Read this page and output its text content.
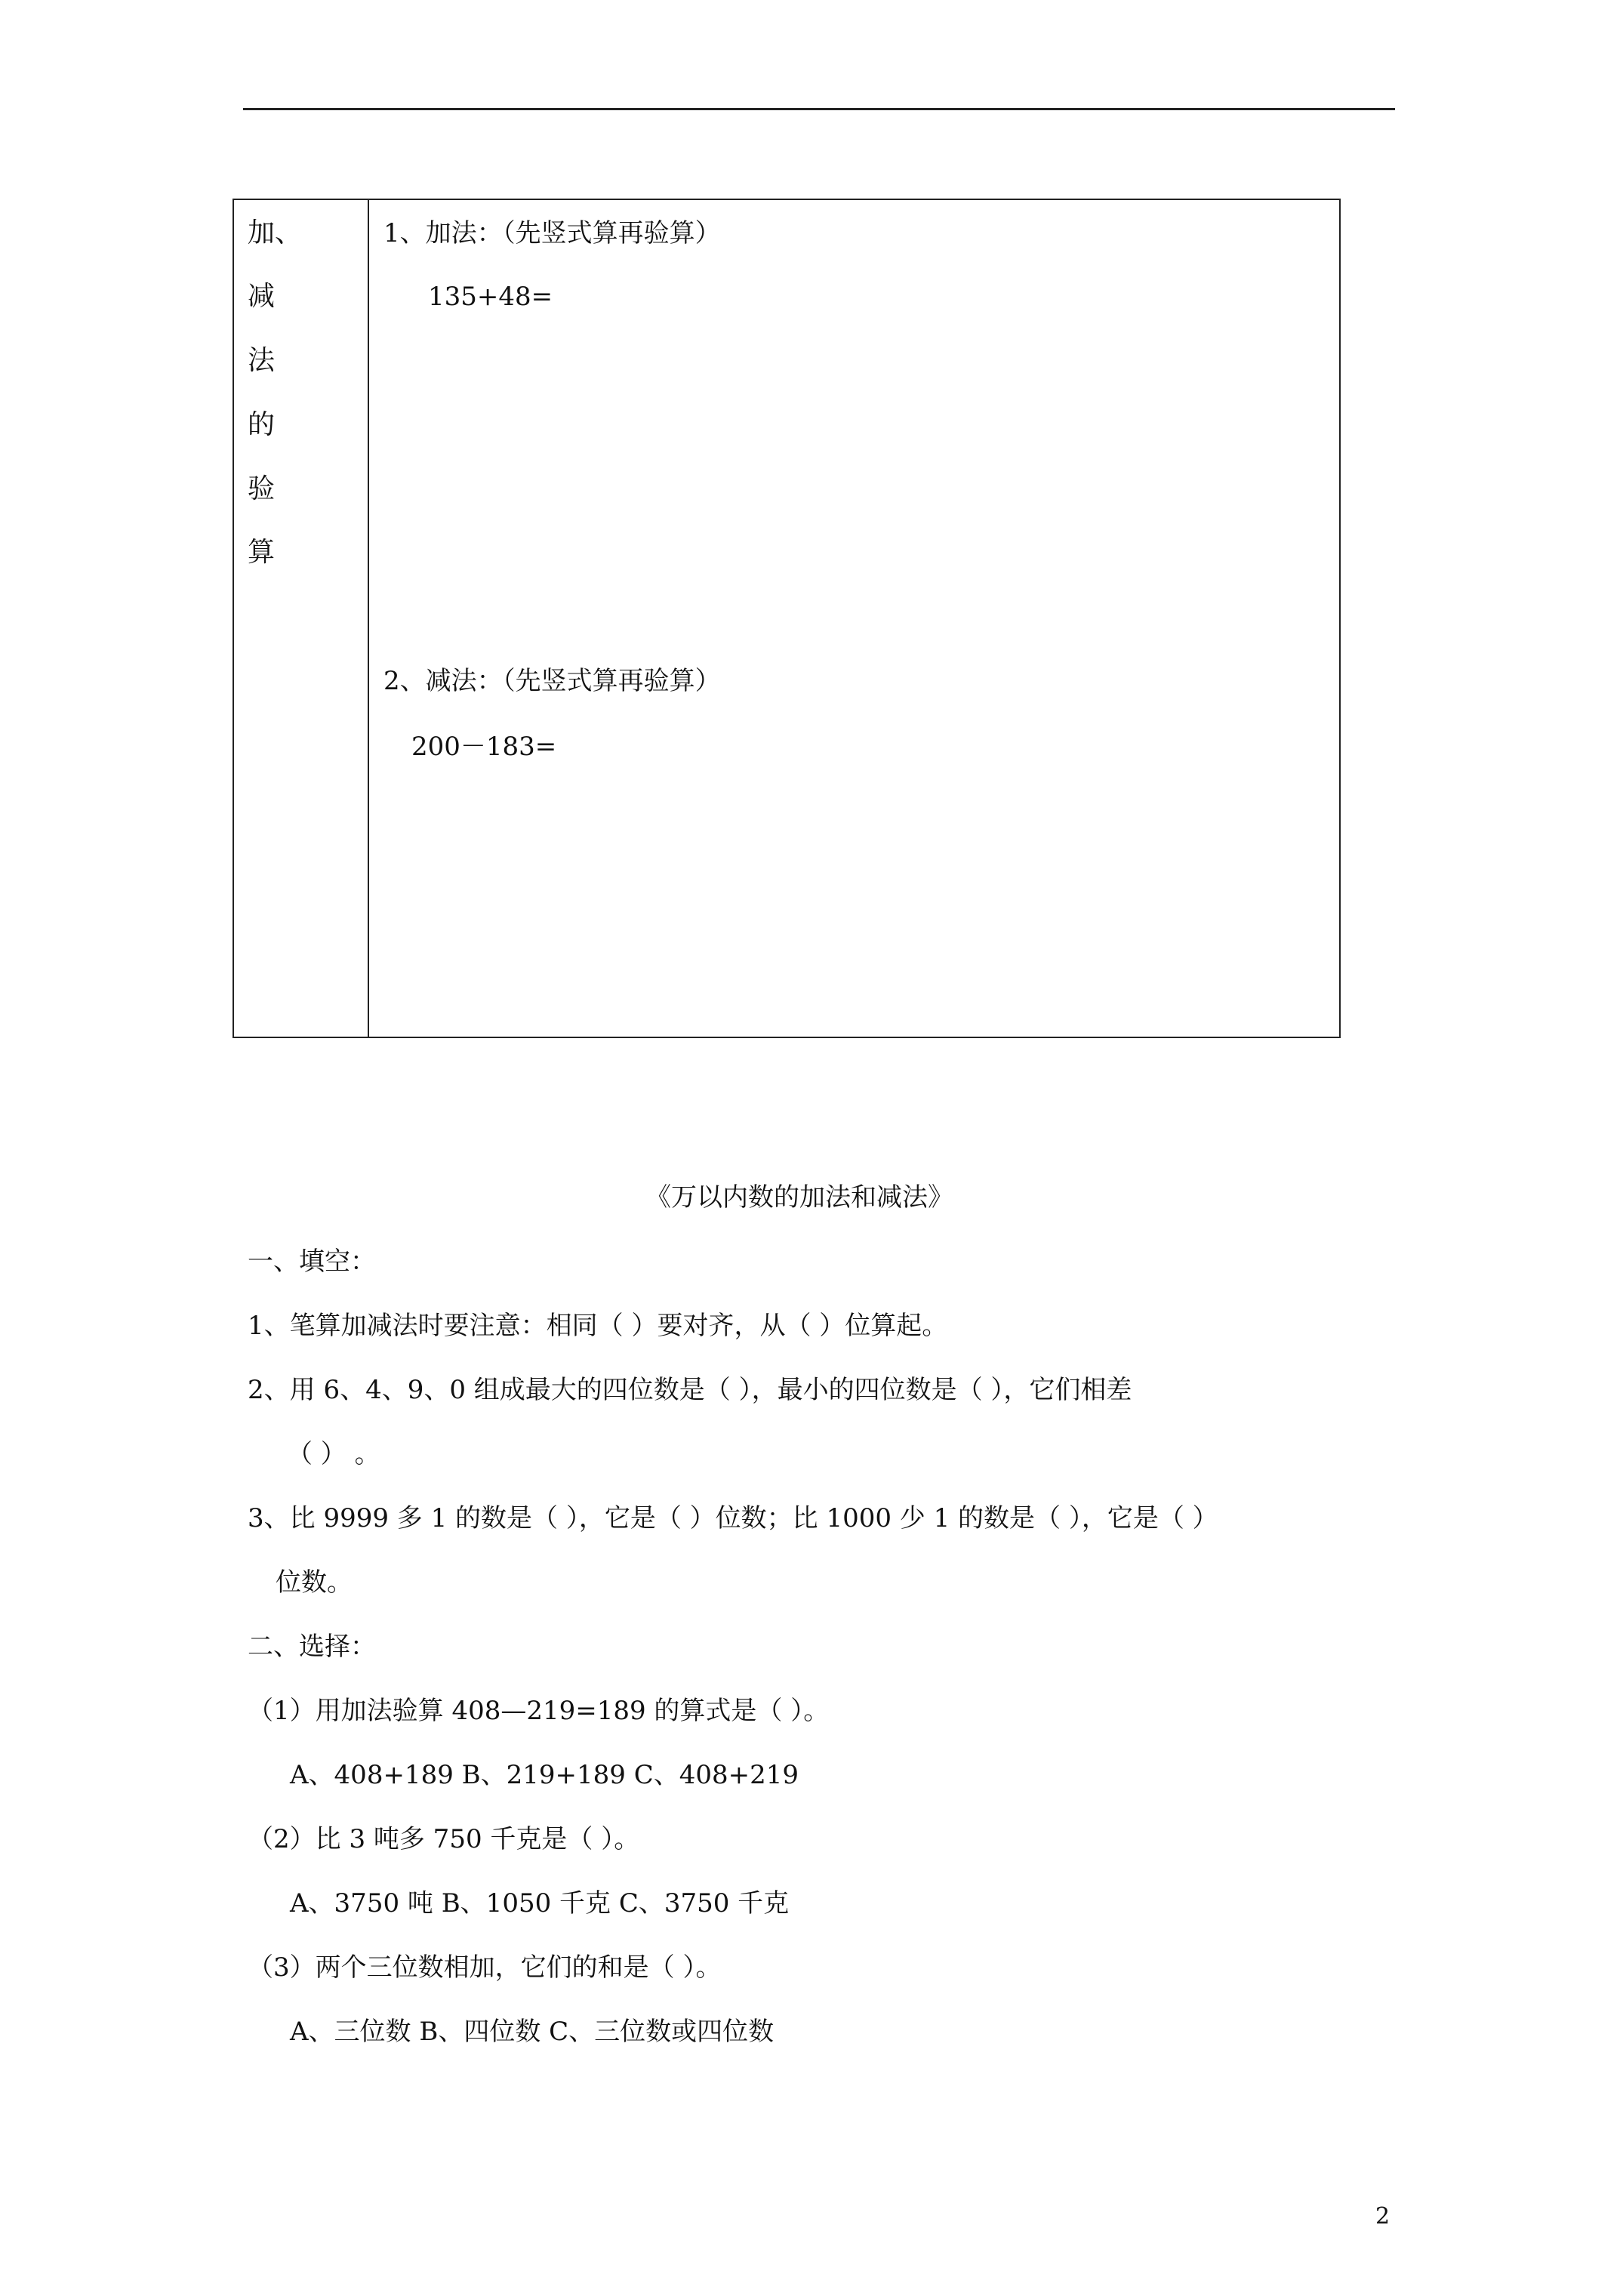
加、
减
法
的
验
算
1、加法：（先竖式算再验算）
135+48=
2、减法：（先竖式算再验算）
200－183=
《万以内数的加法和减法》
一、填空：
1、笔算加减法时要注意：相同（ ）要对齐，从（ ）位算起。
2、用 6、4、9、0 组成最大的四位数是（ ），最小的四位数是（ ），它们相差
（ ） 。
3、比 9999 多 1 的数是（ ），它是（ ）位数；比 1000 少 1 的数是（ ），它是（ ）
位数。
二、选择：
（1）用加法验算 408—219=189 的算式是（ ）。
A、408+189 B、219+189 C、408+219
（2）比 3 吨多 750 千克是（ ）。
A、3750 吨 B、1050 千克 C、3750 千克
（3）两个三位数相加，它们的和是（ ）。
A、三位数 B、四位数 C、三位数或四位数
2
